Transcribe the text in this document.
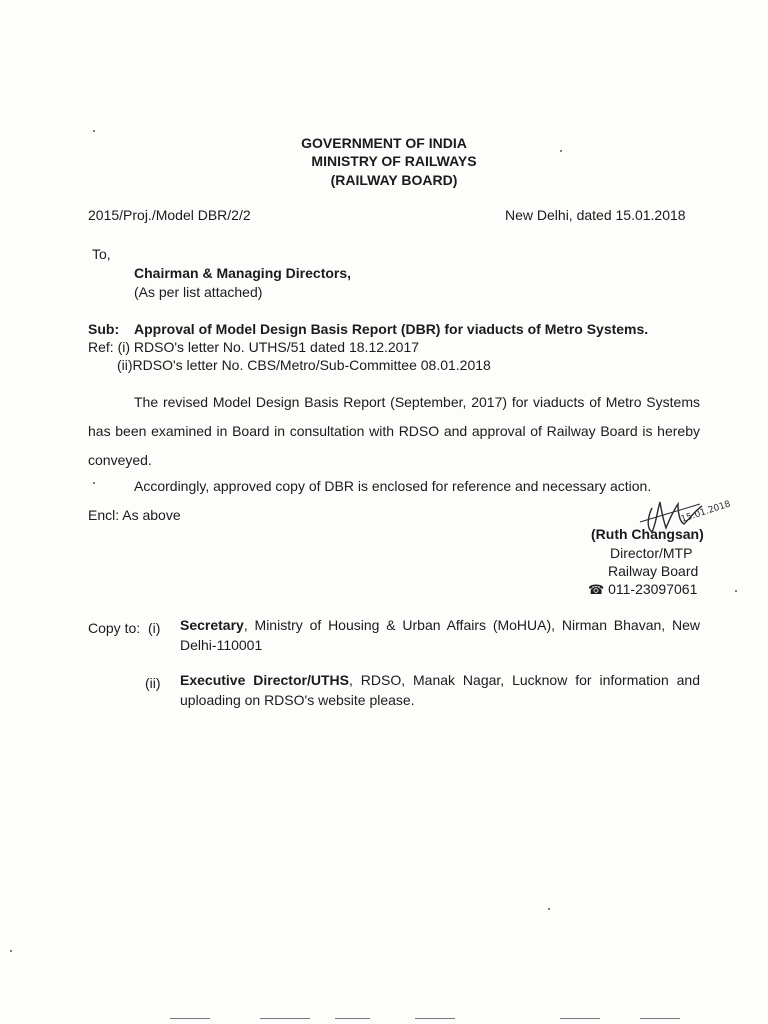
GOVERNMENT OF INDIA
MINISTRY OF RAILWAYS
(RAILWAY BOARD)
2015/Proj./Model DBR/2/2	New Delhi, dated 15.01.2018
To,
Chairman & Managing Directors,
(As per list attached)
Sub: Approval of Model Design Basis Report (DBR) for viaducts of Metro Systems.
Ref: (i) RDSO's letter No. UTHS/51 dated 18.12.2017
(ii)RDSO's letter No. CBS/Metro/Sub-Committee 08.01.2018
The revised Model Design Basis Report (September, 2017) for viaducts of Metro Systems has been examined in Board in consultation with RDSO and approval of Railway Board is hereby conveyed.
Accordingly, approved copy of DBR is enclosed for reference and necessary action.
Encl: As above	15.01.2018
(Ruth Changsan)
Director/MTP
Railway Board
☎ 011-23097061
Copy to: (i) Secretary, Ministry of Housing & Urban Affairs (MoHUA), Nirman Bhavan, New Delhi-110001
(ii) Executive Director/UTHS, RDSO, Manak Nagar, Lucknow for information and uploading on RDSO's website please.
